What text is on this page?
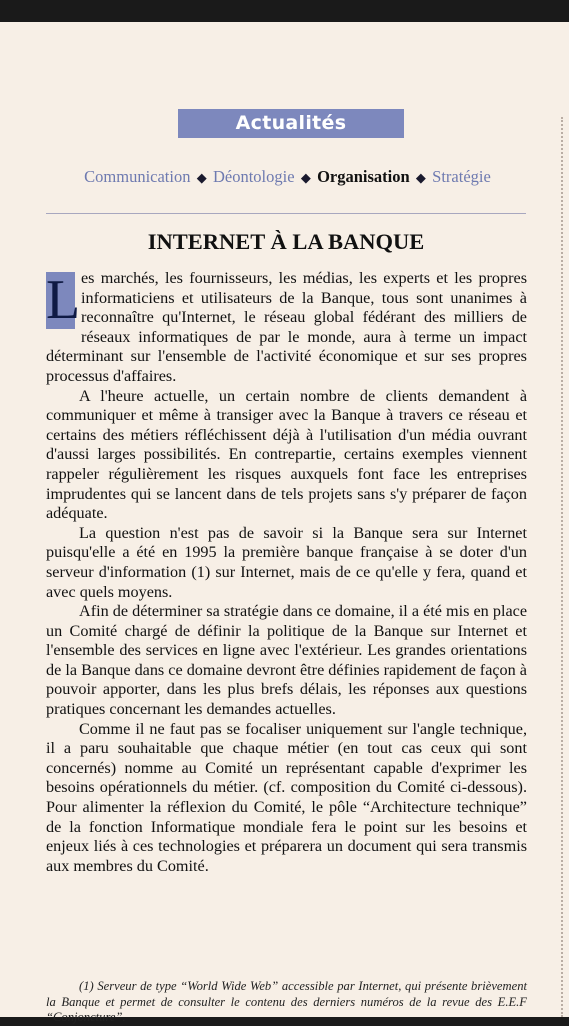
Actualités
Communication ◆ Déontologie ◆ Organisation ◆ Stratégie
INTERNET À LA BANQUE

L es marchés, les fournisseurs, les médias, les experts et les propres informaticiens et utilisateurs de la Banque, tous sont unanimes à reconnaître qu'Internet, le réseau global fédérant des milliers de réseaux informatiques de par le monde, aura à terme un impact déterminant sur l'ensemble de l'activité économique et sur ses propres processus d'affaires.

A l'heure actuelle, un certain nombre de clients demandent à communiquer et même à transiger avec la Banque à travers ce réseau et certains des métiers réfléchissent déjà à l'utilisation d'un média ouvrant d'aussi larges possibilités. En contrepartie, certains exemples viennent rappeler régulièrement les risques auxquels font face les entreprises imprudentes qui se lancent dans de tels projets sans s'y préparer de façon adéquate.

La question n'est pas de savoir si la Banque sera sur Internet puisqu'elle a été en 1995 la première banque française à se doter d'un serveur d'information (1) sur Internet, mais de ce qu'elle y fera, quand et avec quels moyens.

Afin de déterminer sa stratégie dans ce domaine, il a été mis en place un Comité chargé de définir la politique de la Banque sur Internet et l'ensemble des services en ligne avec l'extérieur. Les grandes orientations de la Banque dans ce domaine devront être définies rapidement de façon à pouvoir apporter, dans les plus brefs délais, les réponses aux questions pratiques concernant les demandes actuelles.

Comme il ne faut pas se focaliser uniquement sur l'angle technique, il a paru souhaitable que chaque métier (en tout cas ceux qui sont concernés) nomme au Comité un représentant capable d'exprimer les besoins opérationnels du métier. (cf. composition du Comité ci-dessous). Pour alimenter la réflexion du Comité, le pôle “Architecture technique” de la fonction Informatique mondiale fera le point sur les besoins et enjeux liés à ces technologies et préparera un document qui sera transmis aux membres du Comité.

(1) Serveur de type “World Wide Web” accessible par Internet, qui présente brièvement la Banque et permet de consulter le contenu des derniers numéros de la revue des E.E.F “Conjoncture”.
